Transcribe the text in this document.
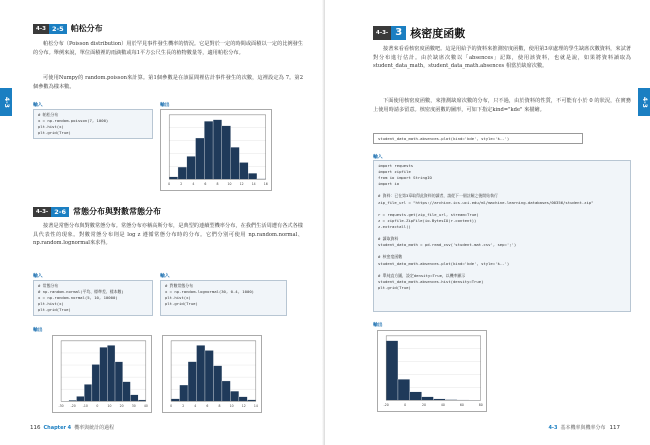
4-3
4-3 2-5 帕松分布
帕松分布（Poisson distribution）用於罕見事件發生機率的情況。它是對於一定的時間或面積以一定的比例發生的分布。舉例來說，單位面積裡的雨滴數或每1平方公尺生長的植物數量等，適用帕松分布。
可使用Numpy的 random.poisson來計算。第1個參數是在該區間裡估計事件發生的次數，這裡設定為 7。第2個參數為樣本數。
輸入	輸出
# 帕松分布
x = np.random.poisson(7, 1000)
plt.hist(x)
plt.grid(True)
0	2	4	6	8	10	12	14	16
4-3- 2-6 常態分布與對數常態分布
接著是常態分布與對數常態分布。常態分布亦稱高斯分布，是典型的連續型機率分布，在我們生活周遭有各式各樣具代表性的現象。對數常態分布則是 log z 遵循常態分布時的分布。它們分別可使用 np.random.normal、np.random.lognormal來求得。
輸入	輸入
# 常態分布
# np.random.normal(平均、標準差、樣本數)
x = np.random.normal(5, 10, 10000)
plt.hist(x)
plt.grid(True)
# 對數常態分布
x = np.random.lognormal(30, 0.4, 1000)
plt.hist(x)
plt.grid(True)
輸出
-30 -20 -10	0	10	20	30	40	0	2	4	6	8	10	12	14
116 Chapter 4 機率與統計的過程
4-3
4-3- 3 核密度函數
接著來看看核密度函數吧。這是用給予的資料來推測密度函數，使用第3章處理的學生缺席次數資料，來試著對分布進行估計。由於缺席次數以「absences」記錄，使用該資料，也就是說，如果將資料讀取為 student_data_math，student_data_math.absences 相當於缺席次數。
下面使用核密度函數，來推測缺席次數的分布，只不過，由於資料的性質，不可能有小於 0 的狀況，在實務上使用時請多留意。核密度函數的圖形，可如下指定kind="kde" 來描繪。
student_data_math.absences.plot(kind='kde', style='k--')
輸入
import requests
import zipfile
from io import StringIO
import io

# 資料：已在第3章取得此資料的讀者，請從下一個註解之後開始執行
zip_file_url = "https://archive.ics.uci.edu/ml/machine-learning-databases/00356/student.zip"

r = requests.get(zip_file_url, stream=True)
z = zipfile.ZipFile(io.BytesIO(r.content))
z.extractall()

# 讀取資料
student_data_math = pd.read_csv('student-mat.csv', sep=';')

# 核密度函數
student_data_math.absences.plot(kind='kde', style='k--')

# 單純直方圖，設定density=True，以機率顯示
student_data_math.absences.hist(density=True)
plt.grid(True)
輸出
-20	0	20	40	60	80
4-3 基本機率與機率分布 117
